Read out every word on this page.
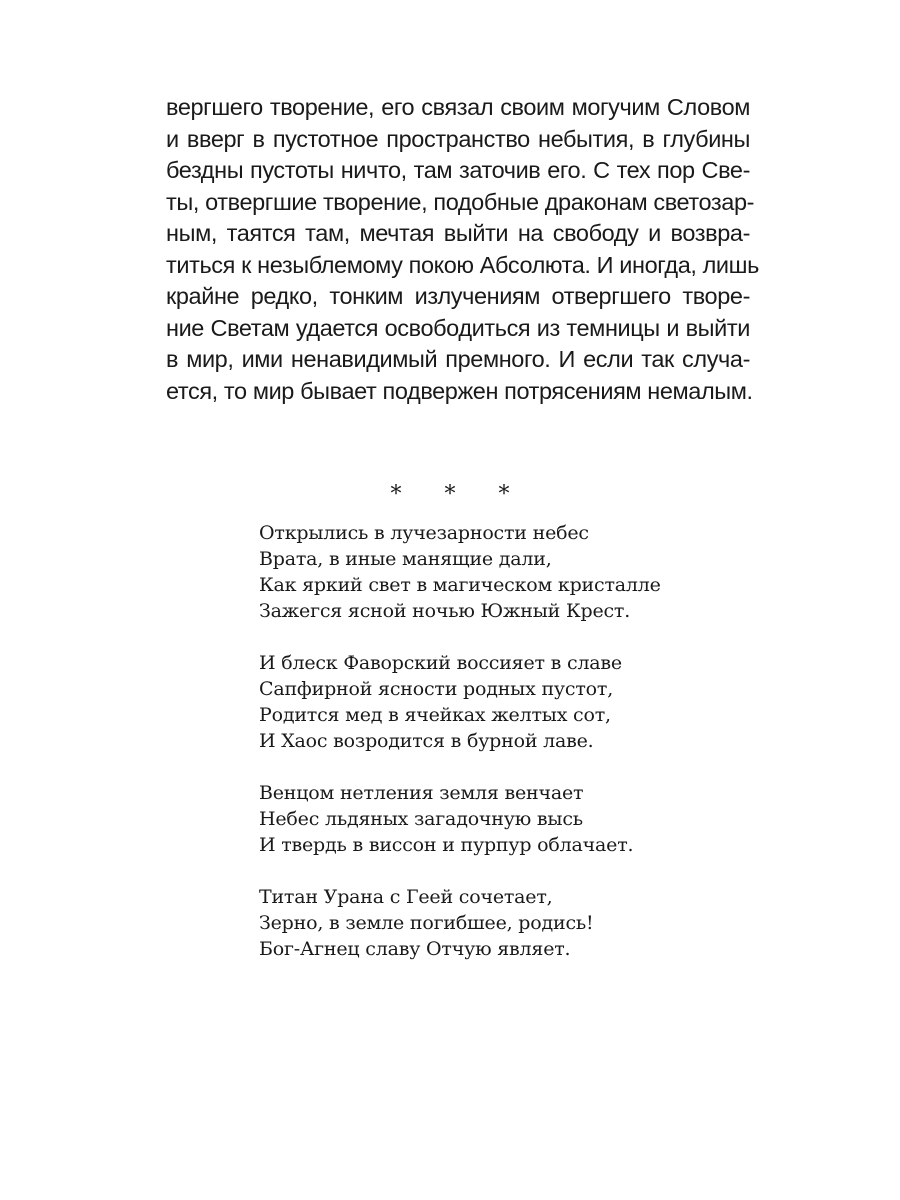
вергшего творение, его связал своим могучим Словом
и вверг в пустотное пространство небытия, в глубины
бездны пустоты ничто, там заточив его. С тех пор Све-
ты, отвергшие творение, подобные драконам светозар-
ным, таятся там, мечтая выйти на свободу и возвра-
титься к незыблемому покою Абсолюта. И иногда, лишь
крайне редко, тонким излучениям отвергшего творе-
ние Светам удается освободиться из темницы и выйти
в мир, ими ненавидимый премного. И если так случа-
ется, то мир бывает подвержен потрясениям немалым.
* * *
Открылись в лучезарности небес
Врата, в иные манящие дали,
Как яркий свет в магическом кристалле
Зажегся ясной ночью Южный Крест.
И блеск Фаворский воссияет в славе
Сапфирной ясности родных пустот,
Родится мед в ячейках желтых сот,
И Хаос возродится в бурной лаве.
Венцом нетления земля венчает
Небес льдяных загадочную высь
И твердь в виссон и пурпур облачает.
Титан Урана с Геей сочетает,
Зерно, в земле погибшее, родись!
Бог-Агнец славу Отчую являет.
